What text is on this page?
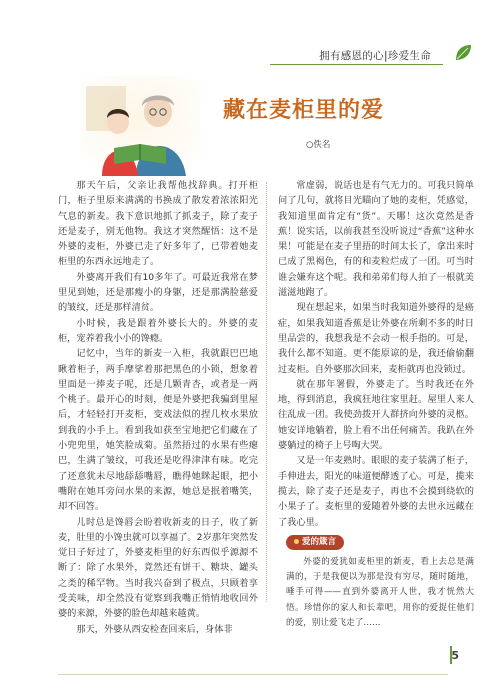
拥有感恩的心|珍爱生命
藏在麦柜里的爱
○佚名

那天午后，父亲让我帮他找辞典。打开柜门，柜子里原来满满的书换成了散发着浓浓阳光气息的新麦。我下意识地抓了抓麦子，除了麦子还是麦子，别无他物。我这才突然醒悟：这不是外婆的麦柜，外婆已走了好多年了，已带着她麦柜里的东西永远地走了。

外婆离开我们有10多年了。可最近我常在梦里见到她，还是那瘦小的身躯，还是那满脸慈爱的皱纹，还是那样清贫。

小时候，我是跟着外婆长大的。外婆的麦柜，宠养着我小小的馋瘾。

记忆中，当年的新麦一入柜，我就跟巴巴地瞅着柜子，两手摩挲着那把黑色的小锁，想象着里面是一捧麦子呢，还是几颗青杏，或者是一两个桃子。最开心的时刻，便是外婆把我骗到里屋后，才轻轻打开麦柜，变戏法似的捏几枚水果放到我的小手上。看到我如获至宝地把它们藏在了小兜兜里，她笑脸成菊。虽然捂过的水果有些瘪巴，生满了皱纹，可我还是吃得津津有味。吃完了还意犹未尽地舔舔嘴唇，瞧得她眯起眼，把小嘴附在她耳旁问水果的来源，她总是抿着嘴笑，却不回答。

儿时总是馋唇会盼着收新麦的日子，收了新麦，肚里的小馋虫就可以享福了。2岁那年突然发觉日子好过了，外婆麦柜里的好东西似乎源源不断了：除了水果外，竟然还有饼干、糖块、罐头之类的稀罕物。当时我兴奋到了极点，只顾着享受美味，却全然没有觉察到我嘴正悄悄地收回外婆的来源，外婆的脸色却越来越黄。

那天，外婆从西安检查回来后，身体非

常虚弱，说话也是有气无力的。可我只简单问了几句，就将目光瞄向了她的麦柜，凭感觉，我知道里面肯定有“货”。天哪！这次竟然是香蕉！说实话，以前我甚至没听说过“香蕉”这种水果！可能是在麦子里捂的时间太长了，拿出来时已成了黑褐色，有的和麦粒烂成了一团。可当时谁会嫌弃这个呢。我和弟弟们每人拍了一根就美滋滋地跑了。

现在想起来，如果当时我知道外婆得的是癌症，如果我知道香蕉是让外婆在所剩不多的时日里品尝的，我想我是不会动一根手指的。可是，我什么都不知道。更不能原谅的是，我还偷偷翻过麦柜。自外婆那次回来，麦柜就再也没锁过。

就在那年署假，外婆走了。当时我还在外地，得到消息，我疯狂地往家里赶。屋里人来人往乱成一团。我使劲拨开人群挤向外婆的灵柩。她安详地躺着，脸上看不出任何痛苦。我趴在外婆躺过的椅子上号啕大哭。

又是一年麦熟时。眼眼的麦子装满了柜子，手伸进去，阳光的味道便酵透了心。可是，揽来揽去，除了麦子还是麦子，再也不会摸到绕软的小果子了。麦柜里的爱随着外婆的去世永远藏在了我心里。

爱的箴言

外婆的爱犹如麦柜里的新麦，看上去总是满满的，于是我便以为那是没有穷尽，随时随地，唾手可得——直到外婆离开人世，我才恍然大悟。珍惜你的家人和长辈吧，用你的爱捉住他们的爱，别让爱飞走了……

5
